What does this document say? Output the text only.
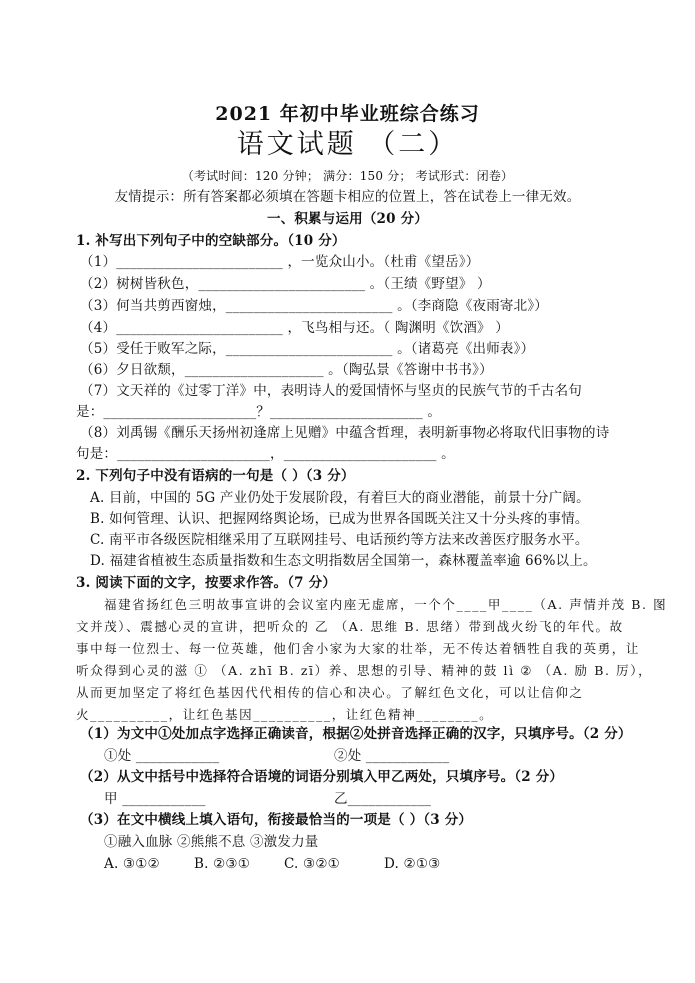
2021 年初中毕业班综合练习
语文试题 （二）
（考试时间：120 分钟； 满分：150 分； 考试形式：闭卷）
友情提示：所有答案都必须填在答题卡相应的位置上，答在试卷上一律无效。
一、积累与运用（20 分）
1. 补写出下列句子中的空缺部分。（10 分）
（1）________________________ ，一览众山小。（杜甫《望岳》）
（2）树树皆秋色，________________________ 。（王绩《野望》 ）
（3）何当共剪西窗烛，________________________ 。（李商隐《夜雨寄北》）
（4）________________________ ，飞鸟相与还。（ 陶渊明《饮酒》 ）
（5）受任于败军之际，________________________ 。（诸葛亮《出师表》）
（6）夕日欲颓，____________________ 。（陶弘景《答谢中书书》）
（7）文天祥的《过零丁洋》中，表明诗人的爱国情怀与坚贞的民族气节的千古名句
是：______________________？______________________ 。
（8）刘禹锡《酬乐天扬州初逢席上见赠》中蕴含哲理，表明新事物必将取代旧事物的诗
句是：______________________，______________________ 。
2. 下列句子中没有语病的一句是（ ）（3 分）
A. 目前，中国的 5G 产业仍处于发展阶段，有着巨大的商业潜能，前景十分广阔。
B. 如何管理、认识、把握网络舆论场，已成为世界各国既关注又十分头疼的事情。
C. 南平市各级医院相继采用了互联网挂号、电话预约等方法来改善医疗服务水平。
D. 福建省植被生态质量指数和生态文明指数居全国第一，森林覆盖率逾 66%以上。
3. 阅读下面的文字，按要求作答。（7 分）
福建省扬红色三明故事宣讲的会议室内座无虚席，一个个____甲____（A. 声情并茂 B. 图
文并茂）、震撼心灵的宣讲，把听众的 乙 （A. 思维 B. 思绪）带到战火纷飞的年代。故
事中每一位烈士、每一位英雄，他们舍小家为大家的壮举，无不传达着牺牲自我的英勇，让
听众得到心灵的滋 ① （A. zhī B. zī）养、思想的引导、精神的鼓 lì ② （A. 励 B. 厉），
从而更加坚定了将红色基因代代相传的信心和决心。了解红色文化，可以让信仰之
火__________，让红色基因__________，让红色精神________。
（1）为文中①处加点字选择正确读音，根据②处拼音选择正确的汉字，只填序号。（2 分）
①处 ____________	②处 ____________
（2）从文中括号中选择符合语境的词语分别填入甲乙两处，只填序号。（2 分）
甲 ____________	乙____________
（3）在文中横线上填入语句，衔接最恰当的一项是（ ）（3 分）
①融入血脉 ②熊熊不息 ③激发力量
A. ③①②	B. ②③①	C. ③②①	D. ②①③
